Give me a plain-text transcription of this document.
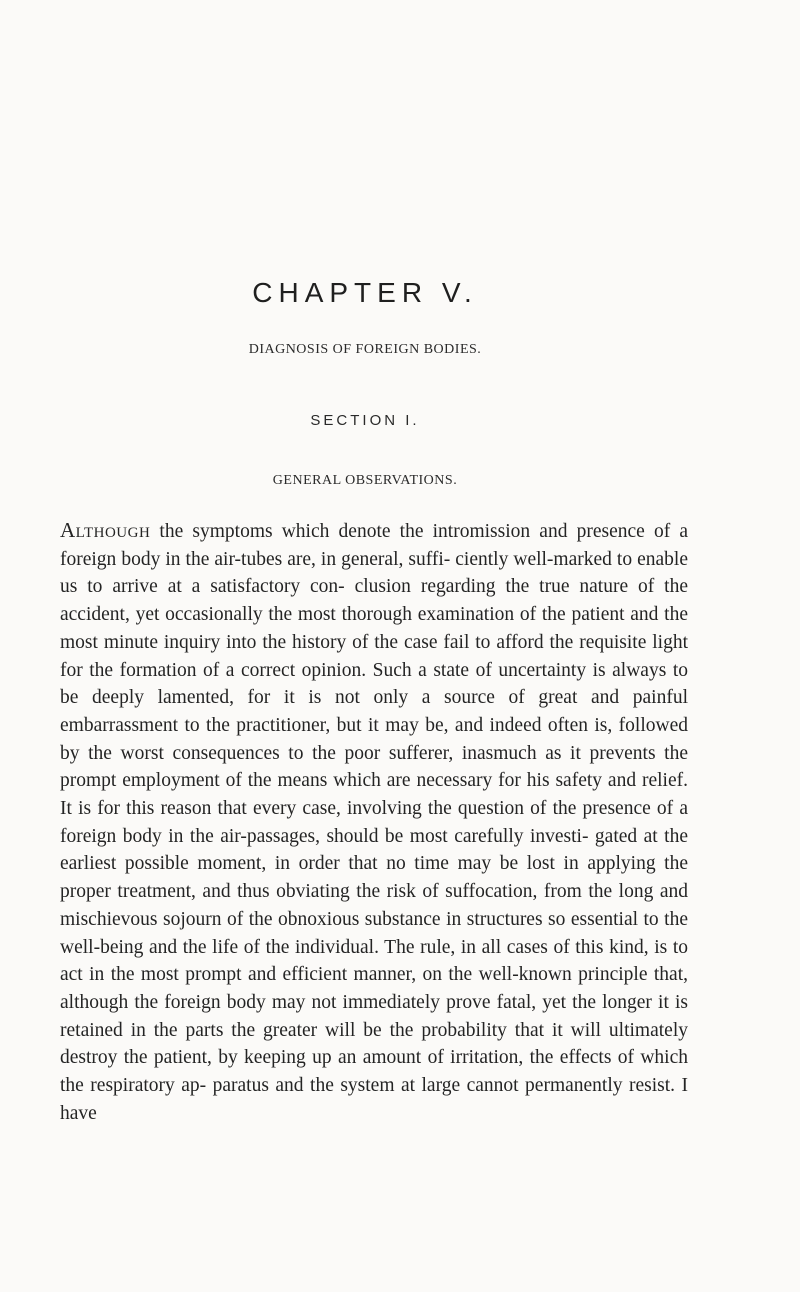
CHAPTER V.
DIAGNOSIS OF FOREIGN BODIES.
SECTION I.
GENERAL OBSERVATIONS.

Although the symptoms which denote the intromission and presence of a foreign body in the air-tubes are, in general, suffi- ciently well-marked to enable us to arrive at a satisfactory con- clusion regarding the true nature of the accident, yet occasionally the most thorough examination of the patient and the most minute inquiry into the history of the case fail to afford the requisite light for the formation of a correct opinion. Such a state of uncertainty is always to be deeply lamented, for it is not only a source of great and painful embarrassment to the practitioner, but it may be, and indeed often is, followed by the worst consequences to the poor sufferer, inasmuch as it prevents the prompt employment of the means which are necessary for his safety and relief. It is for this reason that every case, involving the question of the presence of a foreign body in the air-passages, should be most carefully investi- gated at the earliest possible moment, in order that no time may be lost in applying the proper treatment, and thus obviating the risk of suffocation, from the long and mischievous sojourn of the obnoxious substance in structures so essential to the well-being and the life of the individual. The rule, in all cases of this kind, is to act in the most prompt and efficient manner, on the well-known principle that, although the foreign body may not immediately prove fatal, yet the longer it is retained in the parts the greater will be the probability that it will ultimately destroy the patient, by keeping up an amount of irritation, the effects of which the respiratory ap- paratus and the system at large cannot permanently resist. I have
